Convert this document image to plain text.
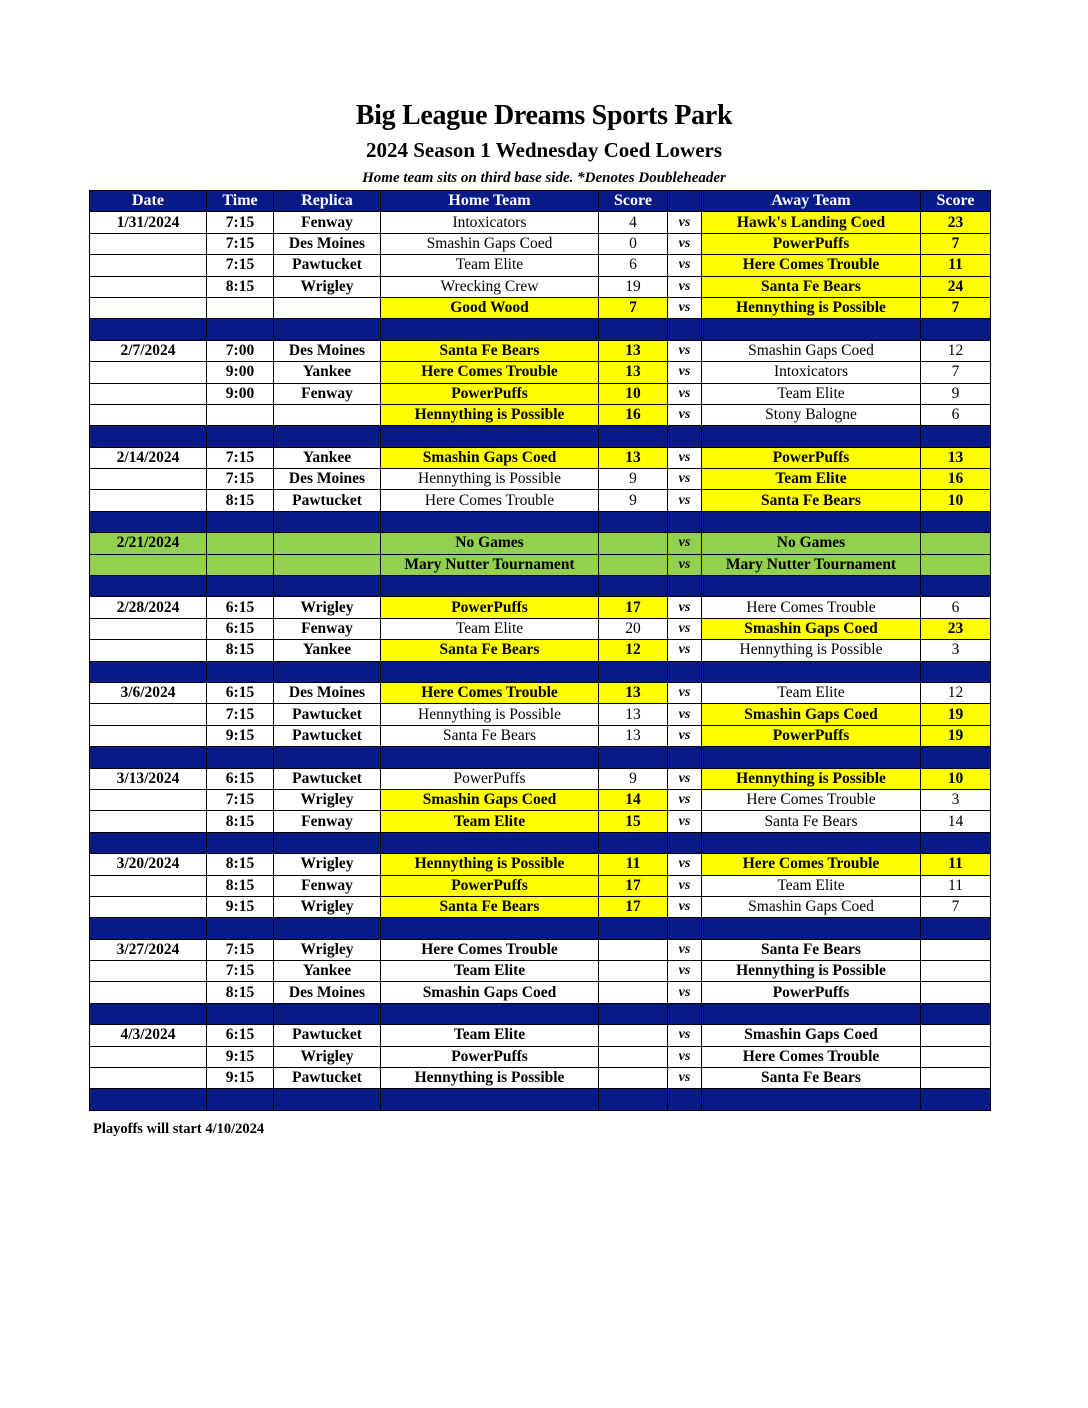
Big League Dreams Sports Park
2024 Season 1 Wednesday Coed Lowers
Home team sits on third base side. *Denotes Doubleheader
Date	Time	Replica	Home Team	Score		Away Team	Score
1/31/2024	7:15	Fenway	Intoxicators	4	vs	Hawk's Landing Coed	23
	7:15	Des Moines	Smashin Gaps Coed	0	vs	PowerPuffs	7
	7:15	Pawtucket	Team Elite	6	vs	Here Comes Trouble	11
	8:15	Wrigley	Wrecking Crew	19	vs	Santa Fe Bears	24
			Good Wood	7	vs	Hennything is Possible	7

2/7/2024	7:00	Des Moines	Santa Fe Bears	13	vs	Smashin Gaps Coed	12
	9:00	Yankee	Here Comes Trouble	13	vs	Intoxicators	7
	9:00	Fenway	PowerPuffs	10	vs	Team Elite	9
			Hennything is Possible	16	vs	Stony Balogne	6

2/14/2024	7:15	Yankee	Smashin Gaps Coed	13	vs	PowerPuffs	13
	7:15	Des Moines	Hennything is Possible	9	vs	Team Elite	16
	8:15	Pawtucket	Here Comes Trouble	9	vs	Santa Fe Bears	10

2/21/2024			No Games		vs	No Games	
			Mary Nutter Tournament		vs	Mary Nutter Tournament	

2/28/2024	6:15	Wrigley	PowerPuffs	17	vs	Here Comes Trouble	6
	6:15	Fenway	Team Elite	20	vs	Smashin Gaps Coed	23
	8:15	Yankee	Santa Fe Bears	12	vs	Hennything is Possible	3

3/6/2024	6:15	Des Moines	Here Comes Trouble	13	vs	Team Elite	12
	7:15	Pawtucket	Hennything is Possible	13	vs	Smashin Gaps Coed	19
	9:15	Pawtucket	Santa Fe Bears	13	vs	PowerPuffs	19

3/13/2024	6:15	Pawtucket	PowerPuffs	9	vs	Hennything is Possible	10
	7:15	Wrigley	Smashin Gaps Coed	14	vs	Here Comes Trouble	3
	8:15	Fenway	Team Elite	15	vs	Santa Fe Bears	14

3/20/2024	8:15	Wrigley	Hennything is Possible	11	vs	Here Comes Trouble	11
	8:15	Fenway	PowerPuffs	17	vs	Team Elite	11
	9:15	Wrigley	Santa Fe Bears	17	vs	Smashin Gaps Coed	7

3/27/2024	7:15	Wrigley	Here Comes Trouble		vs	Santa Fe Bears	
	7:15	Yankee	Team Elite		vs	Hennything is Possible	
	8:15	Des Moines	Smashin Gaps Coed		vs	PowerPuffs	

4/3/2024	6:15	Pawtucket	Team Elite		vs	Smashin Gaps Coed	
	9:15	Wrigley	PowerPuffs		vs	Here Comes Trouble	
	9:15	Pawtucket	Hennything is Possible		vs	Santa Fe Bears	

Playoffs will start 4/10/2024
